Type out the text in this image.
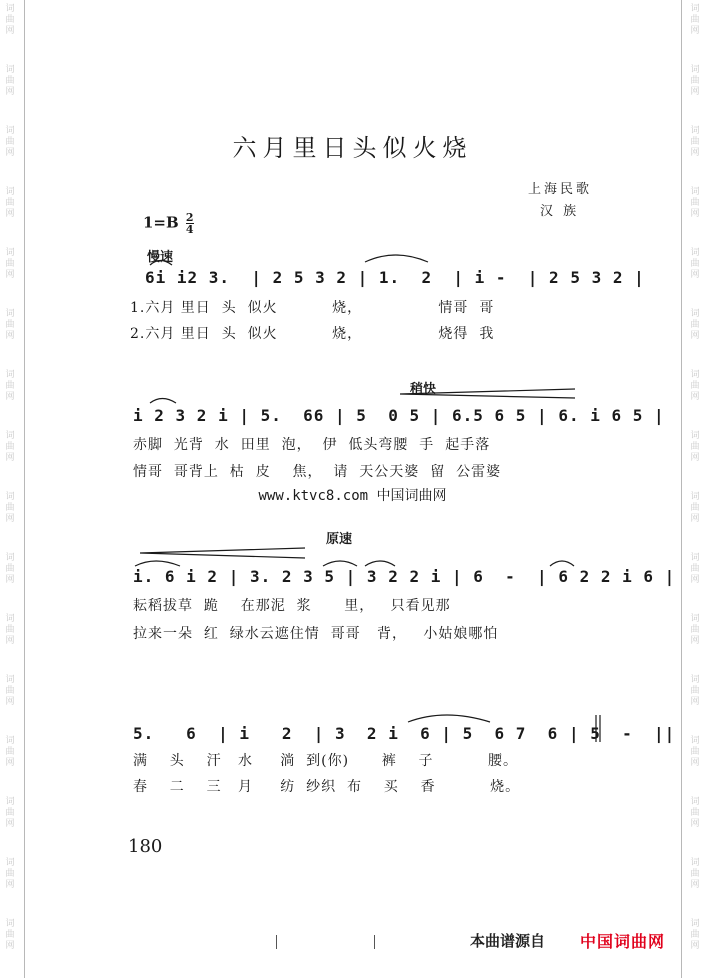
词
曲
网
词
曲
网
词
曲
网
词
曲
网
词
曲
网
词
曲
网
词
曲
网
词
曲
网
词
曲
网
词
曲
网
词
曲
网
词
曲
网
词
曲
网
词
曲
网
词
曲
网
词
曲
网
词
曲
网
词
曲
网
词
曲
网
词
曲
网
词
曲
网
词
曲
网
词
曲
网
词
曲
网
词
曲
网
词
曲
网
词
曲
网
词
曲
网
词
曲
网
词
曲
网
词
曲
网
词
曲
网
六月里日头似火烧
上海民歌
汉 族
$1=B \frac{2}{4}$
慢速
6i i2 3.  | 2 5 3 2 | 1.  2  | i -  | 2 5 3 2 |
1.六月 里日  头  似火          烧，              情哥  哥
2.六月 里日  头  似火          烧，              烧得  我
稍快
i 2 3 2 i | 5.  66 | 5  0 5 | 6.5 6 5 | 6. i 6 5 |
赤脚  光背  水  田里  泡，  伊  低头弯腰  手  起手落
情哥  哥背上  枯  皮    焦，  请  天公天婆  留  公雷婆
www.ktvc8.com 中国词曲网
原速
i. 6 i 2 | 3. 2 3 5 | 3 2 2 i | 6  -  | 6 2 2 i 6 |
耘稻拔草  跪    在那泥  浆      里，   只看见那
拉来一朵  红  绿水云遮住情  哥哥   背，   小姑娘哪怕
5.   6  | i   2  | 3  2 i  6 | 5  6 7  6 | 5  -  ||
满    头    汗   水     淌  到(你)      裤    子          腰。
春    二    三   月     纺  纱织  布    买    香          烧。
180
本曲谱源自 中国词曲网
